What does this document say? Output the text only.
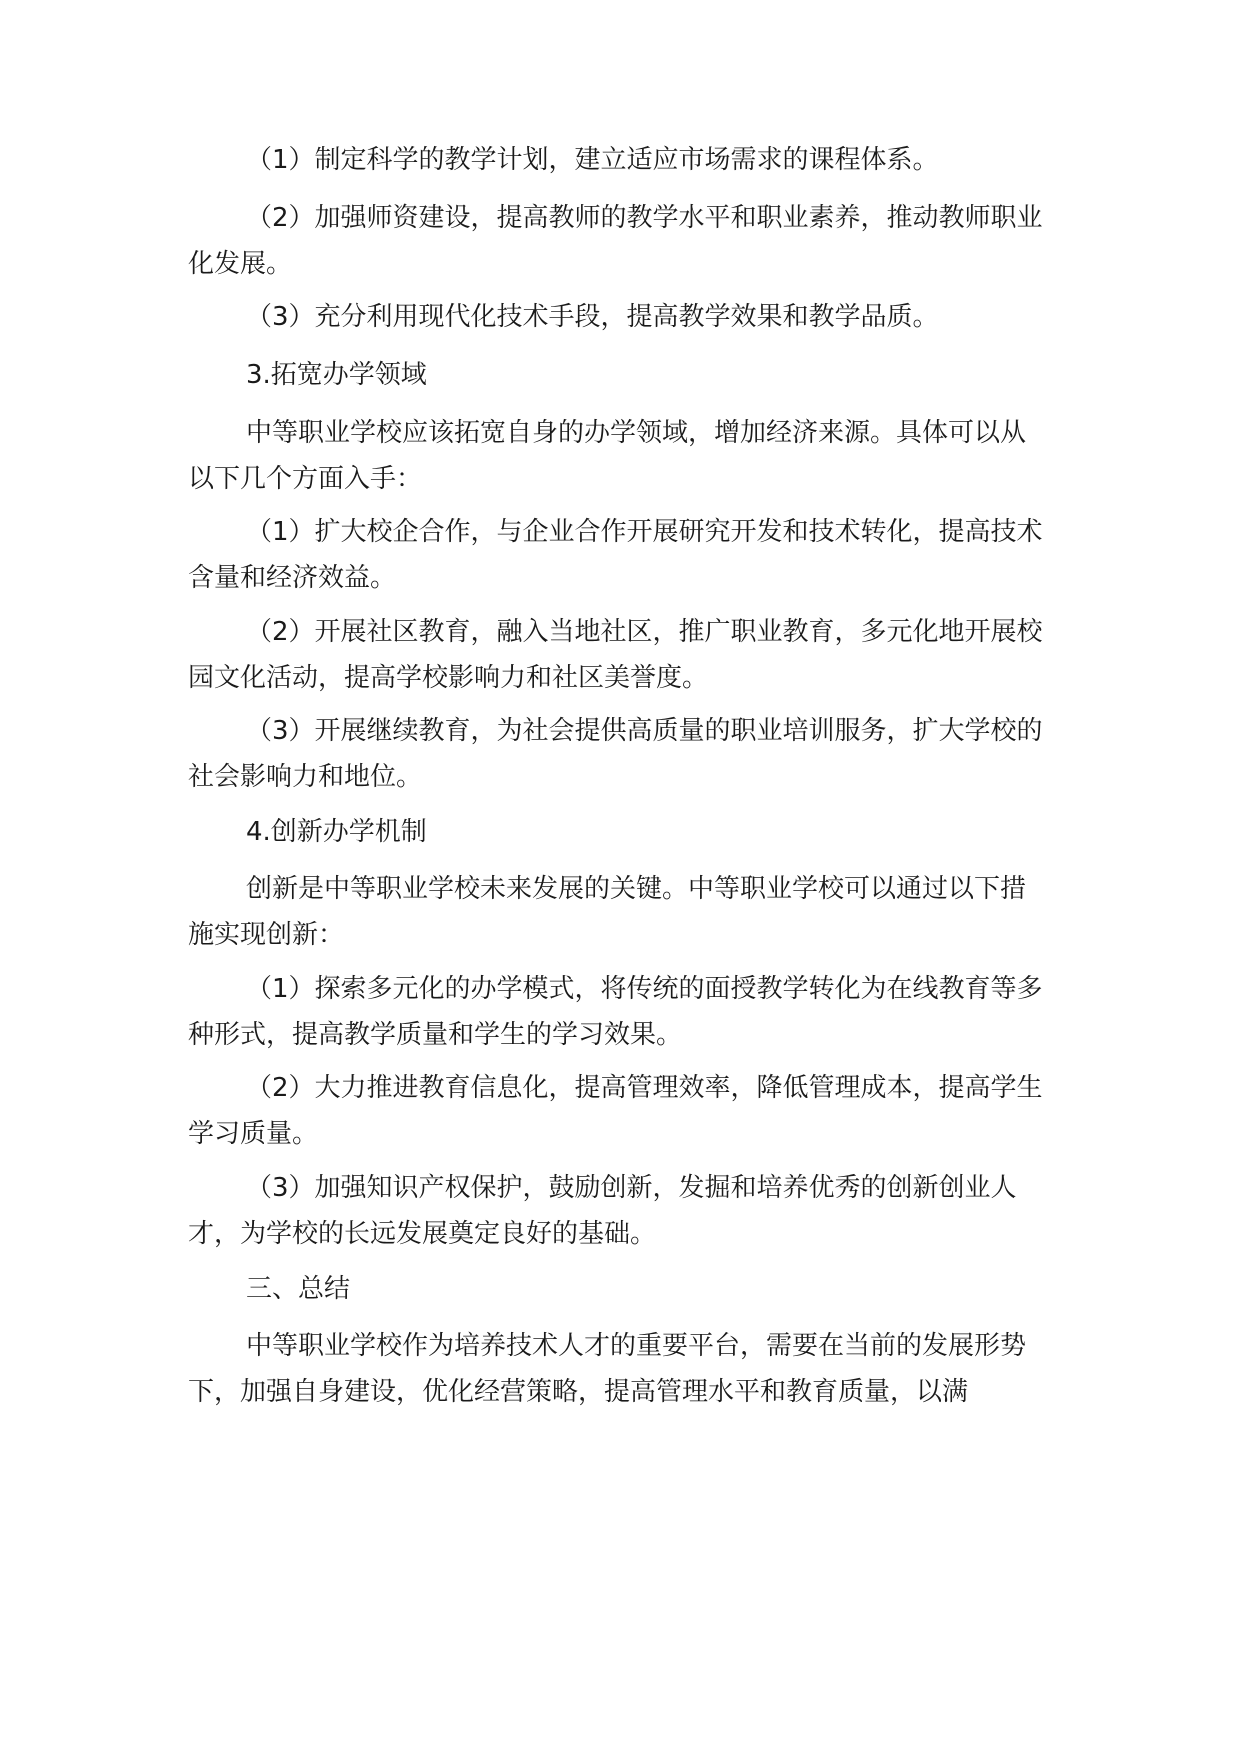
（1）制定科学的教学计划，建立适应市场需求的课程体系。

（2）加强师资建设，提高教师的教学水平和职业素养，推动教师职业化发展。

（3）充分利用现代化技术手段，提高教学效果和教学品质。

3.拓宽办学领域

中等职业学校应该拓宽自身的办学领域，增加经济来源。具体可以从以下几个方面入手：

（1）扩大校企合作，与企业合作开展研究开发和技术转化，提高技术含量和经济效益。

（2）开展社区教育，融入当地社区，推广职业教育，多元化地开展校园文化活动，提高学校影响力和社区美誉度。

（3）开展继续教育，为社会提供高质量的职业培训服务，扩大学校的社会影响力和地位。

4.创新办学机制

创新是中等职业学校未来发展的关键。中等职业学校可以通过以下措施实现创新：

（1）探索多元化的办学模式，将传统的面授教学转化为在线教育等多种形式，提高教学质量和学生的学习效果。

（2）大力推进教育信息化，提高管理效率，降低管理成本，提高学生学习质量。

（3）加强知识产权保护，鼓励创新，发掘和培养优秀的创新创业人才，为学校的长远发展奠定良好的基础。

三、总结

中等职业学校作为培养技术人才的重要平台，需要在当前的发展形势下，加强自身建设，优化经营策略，提高管理水平和教育质量，以满
